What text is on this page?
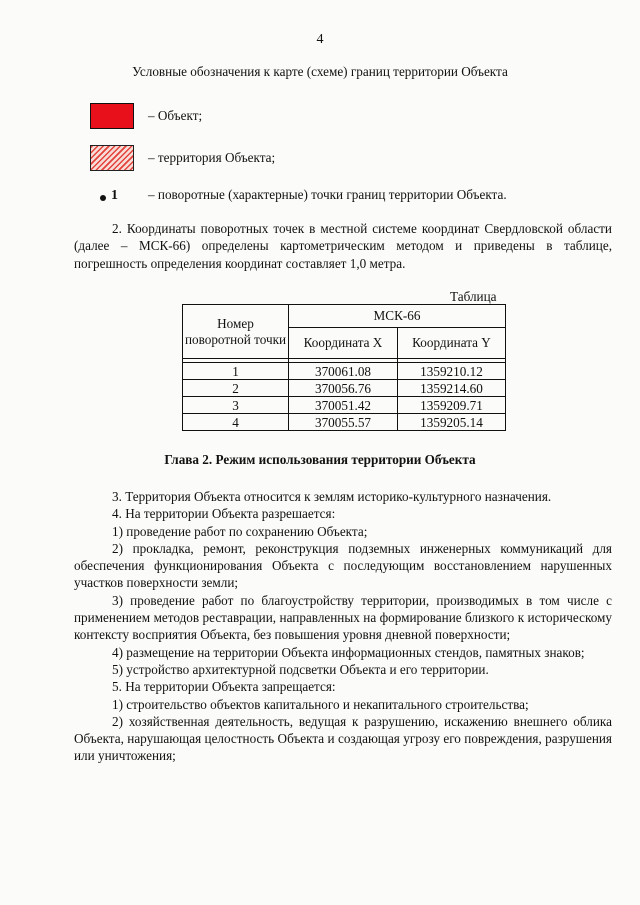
4
Условные обозначения к карте (схеме) границ территории Объекта
– Объект;
– территория Объекта;
1 – поворотные (характерные) точки границ территории Объекта.

2. Координаты поворотных точек в местной системе координат Свердловской области (далее – МСК-66) определены картометрическим методом и приведены в таблице, погрешность определения координат составляет 1,0 метра.

Таблица
Номер поворотной точки	МСК-66	
	Координата X	Координата Y

1	370061.08	1359210.12
2	370056.76	1359214.60
3	370051.42	1359209.71
4	370055.57	1359205.14
Глава 2. Режим использования территории Объекта

3. Территория Объекта относится к землям историко-культурного назначения.

4. На территории Объекта разрешается:

1) проведение работ по сохранению Объекта;

2) прокладка, ремонт, реконструкция подземных инженерных коммуникаций для обеспечения функционирования Объекта с последующим восстановлением нарушенных участков поверхности земли;

3) проведение работ по благоустройству территории, производимых в том числе с применением методов реставрации, направленных на формирование близкого к историческому контексту восприятия Объекта, без повышения уровня дневной поверхности;

4) размещение на территории Объекта информационных стендов, памятных знаков;

5) устройство архитектурной подсветки Объекта и его территории.

5. На территории Объекта запрещается:

1) строительство объектов капитального и некапитального строительства;

2) хозяйственная деятельность, ведущая к разрушению, искажению внешнего облика Объекта, нарушающая целостность Объекта и создающая угрозу его повреждения, разрушения или уничтожения;
